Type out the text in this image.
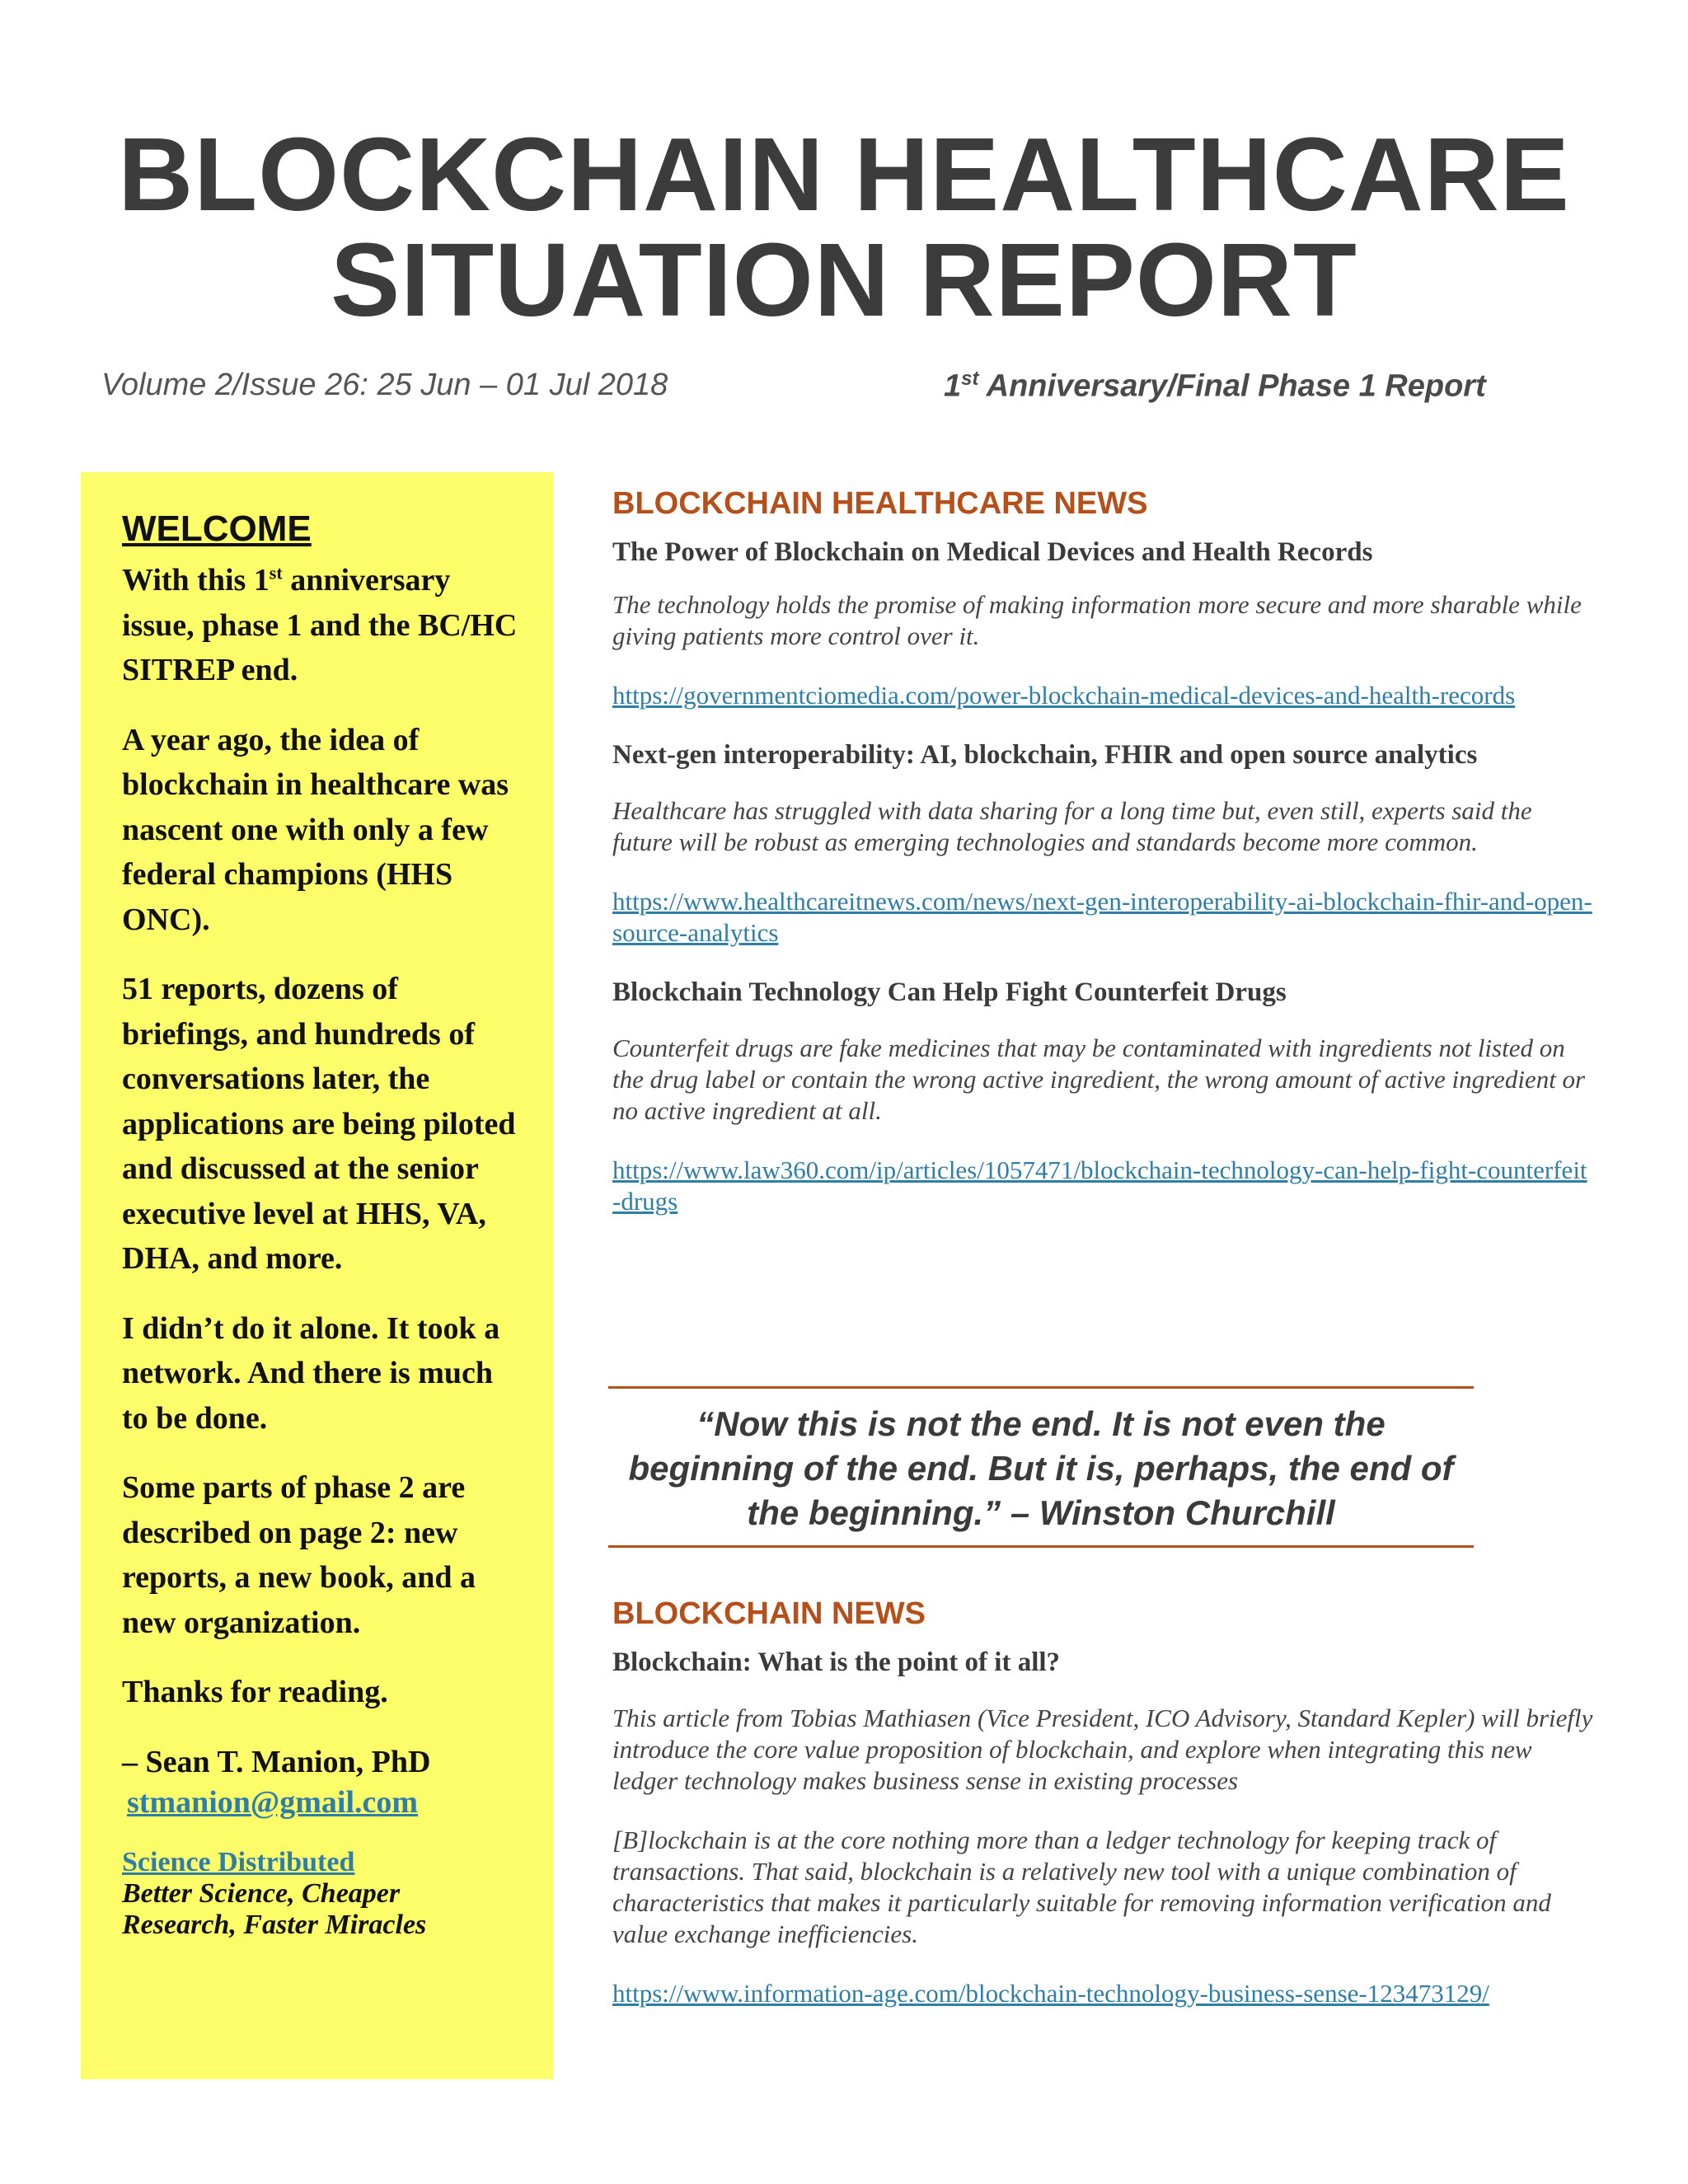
BLOCKCHAIN HEALTHCARE
SITUATION REPORT
Volume 2/Issue 26: 25 Jun – 01 Jul 2018	1st Anniversary/Final Phase 1 Report
WELCOME

With this 1st anniversary issue, phase 1 and the BC/HC SITREP end.

A year ago, the idea of blockchain in healthcare was nascent one with only a few federal champions (HHS ONC).

51 reports, dozens of briefings, and hundreds of conversations later, the applications are being piloted and discussed at the senior executive level at HHS, VA, DHA, and more.

I didn’t do it alone. It took a network. And there is much to be done.

Some parts of phase 2 are described on page 2: new reports, a new book, and a new organization.

Thanks for reading.

– Sean T. Manion, PhD

stmanion@gmail.com
Science Distributed
Better Science, Cheaper Research, Faster Miracles
BLOCKCHAIN HEALTHCARE NEWS
The Power of Blockchain on Medical Devices and Health Records
The technology holds the promise of making information more secure and more sharable while giving patients more control over it.
https://governmentciomedia.com/power-blockchain-medical-devices-and-health-records
Next-gen interoperability: AI, blockchain, FHIR and open source analytics
Healthcare has struggled with data sharing for a long time but, even still, experts said the future will be robust as emerging technologies and standards become more common.
https://www.healthcareitnews.com/news/next-gen-interoperability-ai-blockchain-fhir-and-open-source-analytics
Blockchain Technology Can Help Fight Counterfeit Drugs
Counterfeit drugs are fake medicines that may be contaminated with ingredients not listed on the drug label or contain the wrong active ingredient, the wrong amount of active ingredient or no active ingredient at all.
https://www.law360.com/ip/articles/1057471/blockchain-technology-can-help-fight-counterfeit-drugs
“Now this is not the end. It is not even the beginning of the end. But it is, perhaps, the end of the beginning.” – Winston Churchill
BLOCKCHAIN NEWS
Blockchain: What is the point of it all?
This article from Tobias Mathiasen (Vice President, ICO Advisory, Standard Kepler) will briefly introduce the core value proposition of blockchain, and explore when integrating this new ledger technology makes business sense in existing processes
[B]lockchain is at the core nothing more than a ledger technology for keeping track of transactions. That said, blockchain is a relatively new tool with a unique combination of characteristics that makes it particularly suitable for removing information verification and value exchange inefficiencies.
https://www.information-age.com/blockchain-technology-business-sense-123473129/
